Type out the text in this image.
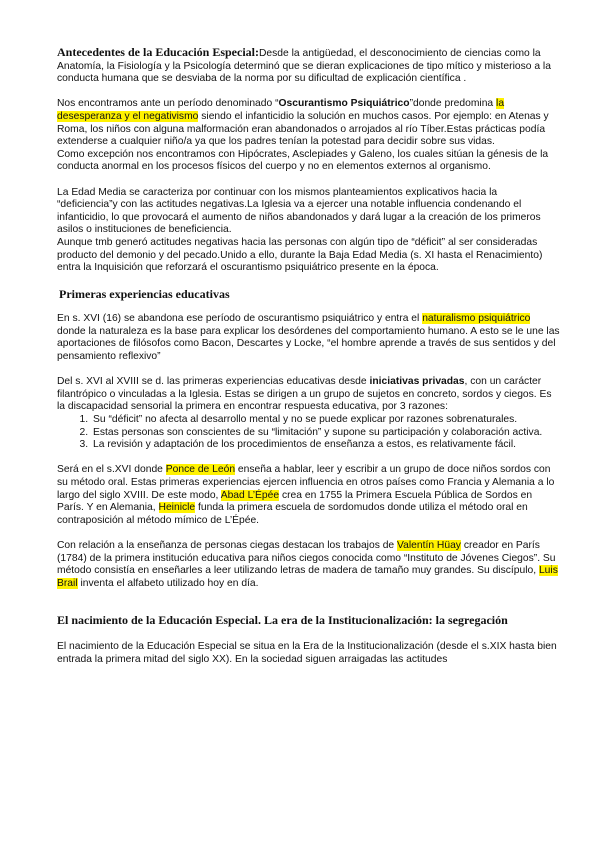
Antecedentes de la Educación Especial:Desde la antigüedad, el desconocimiento de ciencias como la Anatomía, la Fisiología y la Psicología determinó que se dieran explicaciones de tipo mítico y misterioso a la conducta humana que se desviaba de la norma por su dificultad de explicación científica .

Nos encontramos ante un período denominado “Oscurantismo Psiquiátrico”donde predomina la desesperanza y el negativismo siendo el infanticidio la solución en muchos casos. Por ejemplo: en Atenas y Roma, los niños con alguna malformación eran abandonados o arrojados al río Tíber.Estas prácticas podía extenderse a cualquier niño/a ya que los padres tenían la potestad para decidir sobre sus vidas.

Como excepción nos encontramos con Hipócrates, Asclepiades y Galeno, los cuales sitúan la génesis de la conducta anormal en los procesos físicos del cuerpo y no en elementos externos al organismo.

La Edad Media se caracteriza por continuar con los mismos planteamientos explicativos hacia la “deficiencia”y con las actitudes negativas.La Iglesia va a ejercer una notable influencia condenando el infanticidio, lo que provocará el aumento de niños abandonados y dará lugar a la creación de los primeros asilos o instituciones de beneficiencia.

Aunque tmb generó actitudes negativas hacia las personas con algún tipo de “déficit” al ser consideradas producto del demonio y del pecado.Unido a ello, durante la Baja Edad Media (s. XI hasta el Renacimiento) entra la Inquisición que reforzará el oscurantismo psiquiátrico presente en la época.

Primeras experiencias educativas

En s. XVI (16) se abandona ese período de oscurantismo psiquiátrico y entra el naturalismo psiquiátrico donde la naturaleza es la base para explicar los desórdenes del comportamiento humano. A esto se le une las aportaciones de filósofos como Bacon, Descartes y Locke, “el hombre aprende a través de sus sentidos y del pensamiento reflexivo”

Del s. XVI al XVIII se d. las primeras experiencias educativas desde iniciativas privadas, con un carácter filantrópico o vinculadas a la Iglesia. Estas se dirigen a un grupo de sujetos en concreto, sordos y ciegos. Es la discapacidad sensorial la primera en encontrar respuesta educativa, por 3 razones:

1. Su “déficit” no afecta al desarrollo mental y no se puede explicar por razones sobrenaturales.
2. Estas personas son conscientes de su “limitación” y supone su participación y colaboración activa.
3. La revisión y adaptación de los procedimientos de enseñanza a estos, es relativamente fácil.

Será en el s.XVI donde Ponce de León enseña a hablar, leer y escribir a un grupo de doce niños sordos con su método oral. Estas primeras experiencias ejercen influencia en otros países como Francia y Alemania a lo largo del siglo XVIII. De este modo, Abad L’Épée crea en 1755 la Primera Escuela Pública de Sordos en París. Y en Alemania, Heinicle funda la primera escuela de sordomudos donde utiliza el método oral en contraposición al método mímico de L’Épée.

Con relación a la enseñanza de personas ciegas destacan los trabajos de Valentín Hüay creador en París (1784) de la primera institución educativa para niños ciegos conocida como “Instituto de Jóvenes Ciegos”. Su método consistía en enseñarles a leer utilizando letras de madera de tamaño muy grandes. Su discípulo, Luis Brail inventa el alfabeto utilizado hoy en día.

El nacimiento de la Educación Especial. La era de la Institucionalización: la segregación

El nacimiento de la Educación Especial se situa en la Era de la Institucionalización (desde el s.XIX hasta bien entrada la primera mitad del siglo XX). En la sociedad siguen arraigadas las actitudes
